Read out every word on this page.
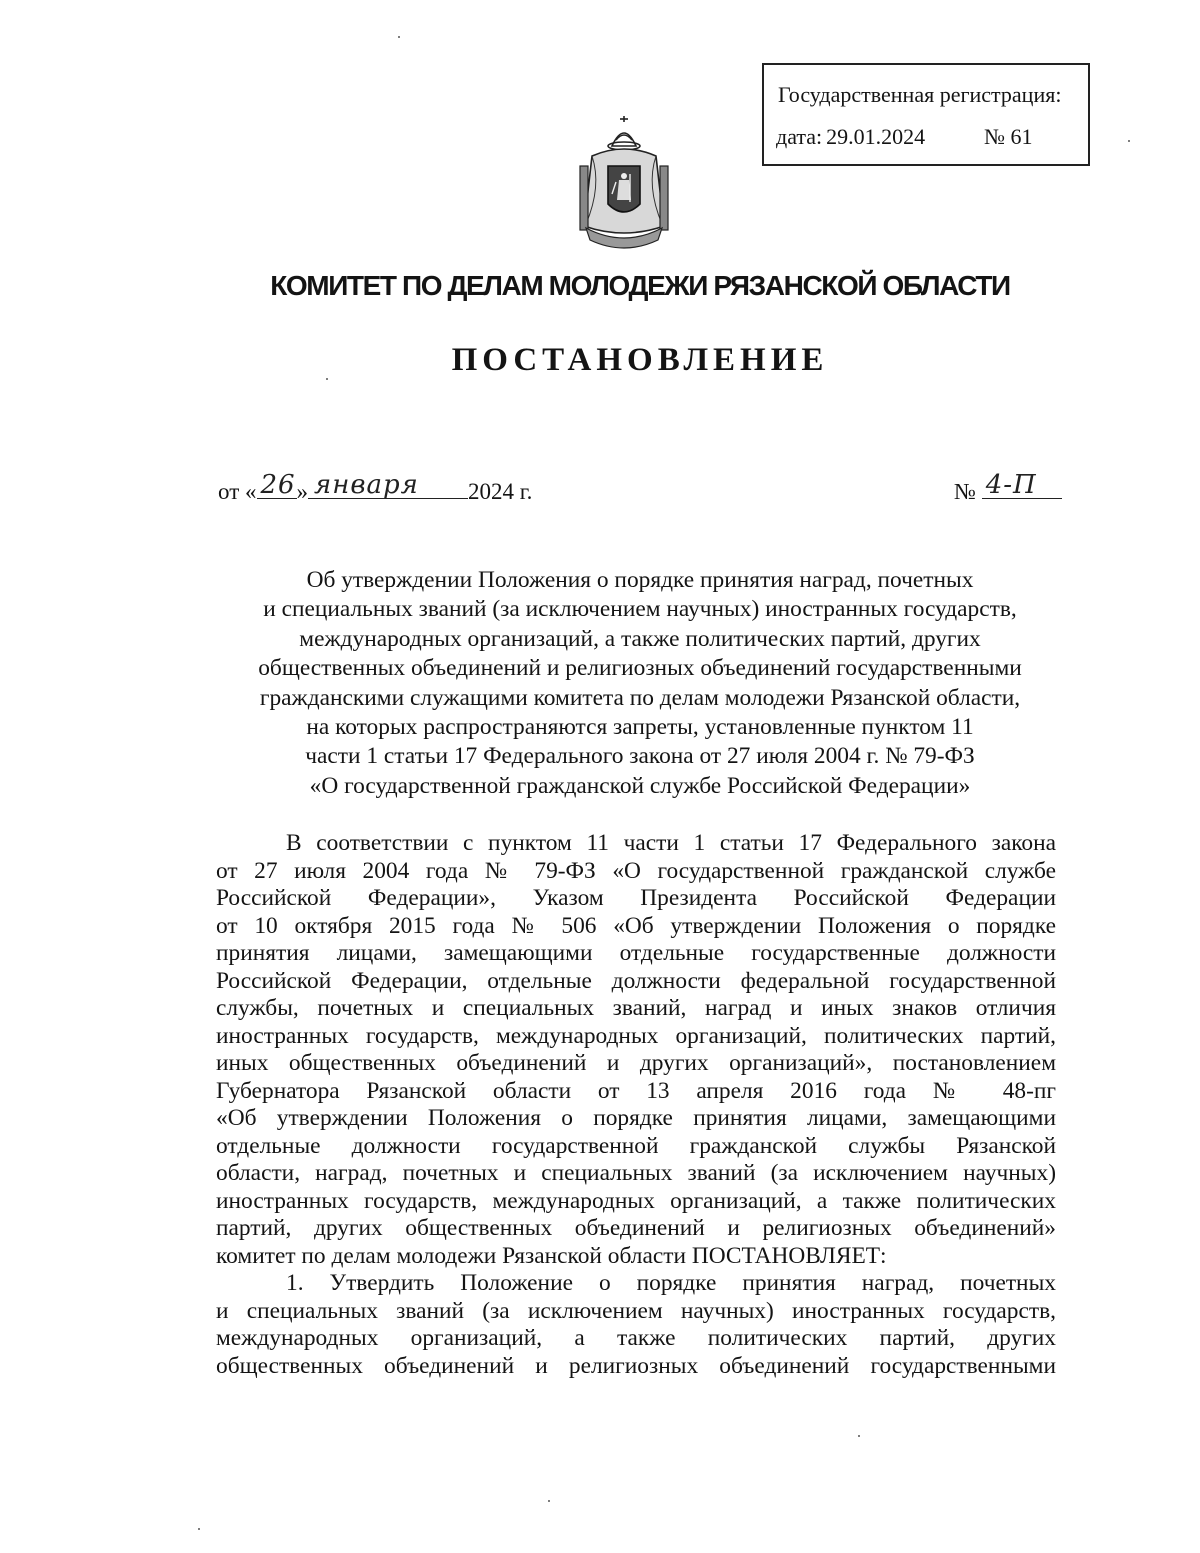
Государственная регистрация:
дата: 29.01.2024	№ 61
КОМИТЕТ ПО ДЕЛАМ МОЛОДЕЖИ РЯЗАНСКОЙ ОБЛАСТИ
ПОСТАНОВЛЕНИЕ
от « 26 » января 2024 г.	№ 4-П
Об утверждении Положения о порядке принятия наград, почетных
и специальных званий (за исключением научных) иностранных государств,
международных организаций, а также политических партий, других
общественных объединений и религиозных объединений государственными
гражданскими служащими комитета по делам молодежи Рязанской области,
на которых распространяются запреты, установленные пунктом 11
части 1 статьи 17 Федерального закона от 27 июля 2004 г. № 79-ФЗ
«О государственной гражданской службе Российской Федерации»
В соответствии с пунктом 11 части 1 статьи 17 Федерального закона
от 27 июля 2004 года № 79-ФЗ «О государственной гражданской службе
Российской Федерации», Указом Президента Российской Федерации
от 10 октября 2015 года № 506 «Об утверждении Положения о порядке
принятия лицами, замещающими отдельные государственные должности
Российской Федерации, отдельные должности федеральной государственной
службы, почетных и специальных званий, наград и иных знаков отличия
иностранных государств, международных организаций, политических партий,
иных общественных объединений и других организаций», постановлением
Губернатора Рязанской области от 13 апреля 2016 года № 48-пг
«Об утверждении Положения о порядке принятия лицами, замещающими
отдельные должности государственной гражданской службы Рязанской
области, наград, почетных и специальных званий (за исключением научных)
иностранных государств, международных организаций, а также политических
партий, других общественных объединений и религиозных объединений»
комитет по делам молодежи Рязанской области ПОСТАНОВЛЯЕТ:
1. Утвердить Положение о порядке принятия наград, почетных
и специальных званий (за исключением научных) иностранных государств,
международных организаций, а также политических партий, других
общественных объединений и религиозных объединений государственными
